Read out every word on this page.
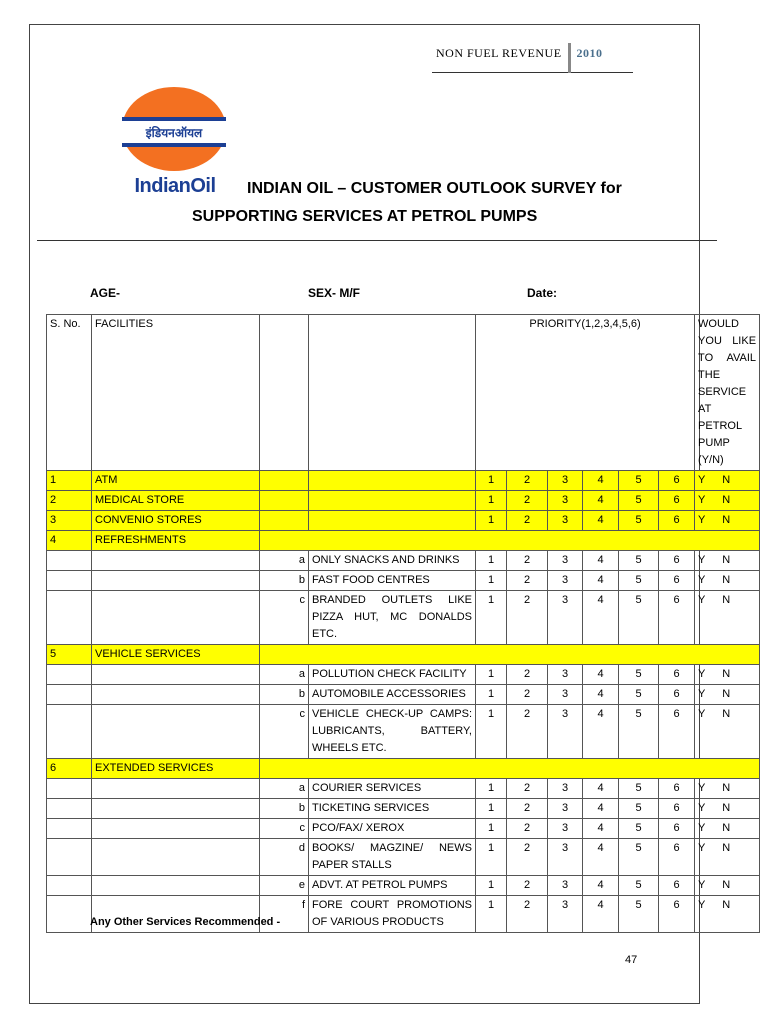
NON FUEL REVENUE	2010
इंडियनऑयल
IndianOil	INDIAN OIL – CUSTOMER OUTLOOK SURVEY for
SUPPORTING SERVICES AT PETROL PUMPS
AGE-	SEX- M/F	Date:
S. No.	FACILITIES			PRIORITY(1,2,3,4,5,6)						WOULD YOU LIKE TO AVAIL THE SERVICE AT PETROL PUMP (Y/N)
1	ATM			1	2	3	4	5	6	Y N
2	MEDICAL STORE			1	2	3	4	5	6	Y N
3	CONVENIO STORES			1	2	3	4	5	6	Y N
4	REFRESHMENTS									
		a	ONLY SNACKS AND DRINKS	1	2	3	4	5	6	Y N
		b	FAST FOOD CENTRES	1	2	3	4	5	6	Y N
		c	BRANDED OUTLETS LIKE PIZZA HUT, MC DONALDS ETC.	1	2	3	4	5	6	Y N
5	VEHICLE SERVICES									
		a	POLLUTION CHECK FACILITY	1	2	3	4	5	6	Y N
		b	AUTOMOBILE ACCESSORIES	1	2	3	4	5	6	Y N
		c	VEHICLE CHECK-UP CAMPS: LUBRICANTS, BATTERY, WHEELS ETC.	1	2	3	4	5	6	Y N
6	EXTENDED SERVICES									
		a	COURIER SERVICES	1	2	3	4	5	6	Y N
		b	TICKETING SERVICES	1	2	3	4	5	6	Y N
		c	PCO/FAX/ XEROX	1	2	3	4	5	6	Y N
		d	BOOKS/ MAGZINE/ NEWS PAPER STALLS	1	2	3	4	5	6	Y N
		e	ADVT. AT PETROL PUMPS	1	2	3	4	5	6	Y N
		f	FORE COURT PROMOTIONS OF VARIOUS PRODUCTS	1	2	3	4	5	6	Y N
Any Other Services Recommended -
47
